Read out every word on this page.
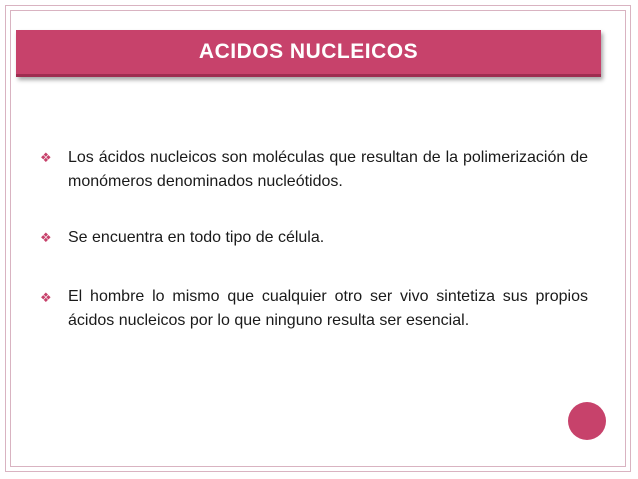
ACIDOS NUCLEICOS
❖ Los ácidos nucleicos son moléculas que resultan de la polimerización de monómeros denominados nucleótidos.
❖ Se encuentra en todo tipo de célula.
❖ El hombre lo mismo que cualquier otro ser vivo sintetiza sus propios ácidos nucleicos por lo que ninguno resulta ser esencial.
